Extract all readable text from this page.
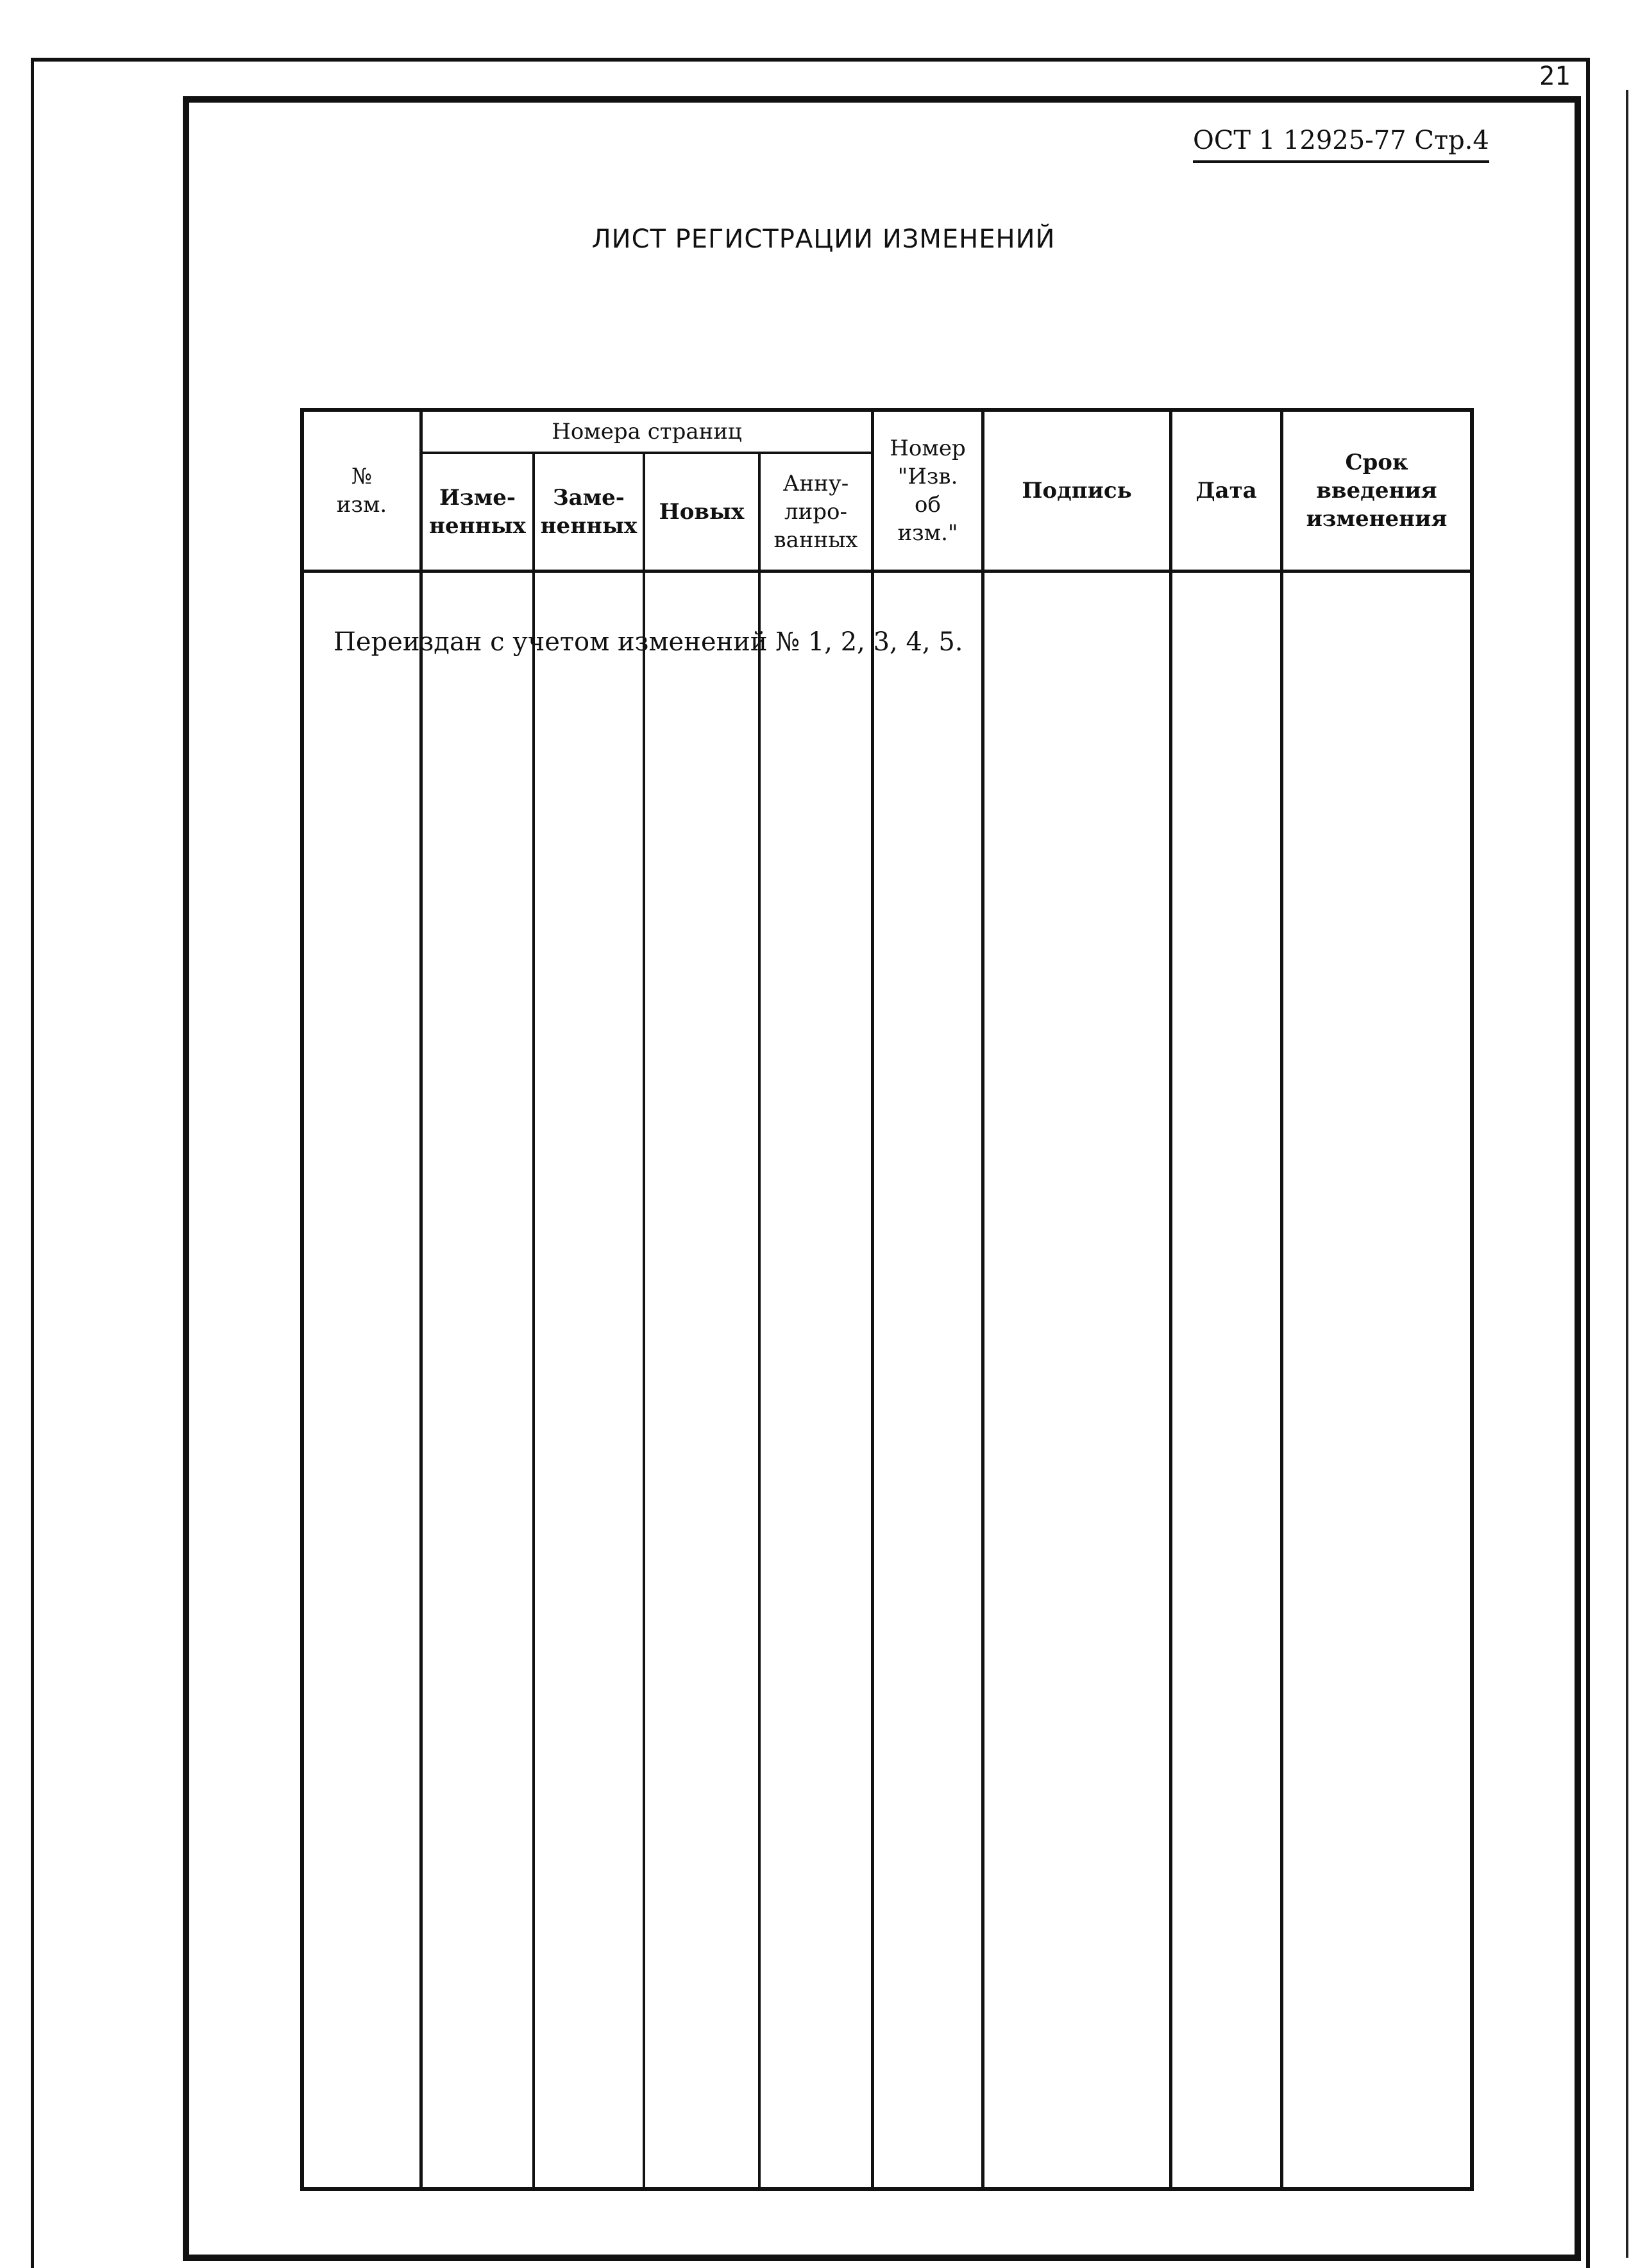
21
ОСТ 1 12925-77 Стр.4
ЛИСТ РЕГИСТРАЦИИ ИЗМЕНЕНИЙ
№
изм.
Номера страниц
Изме-
ненных
Заме-
ненных
Новых
Анну-
лиро-
ванных
Номер
"Изв.
об
изм."
Подпись	Дата
Срок
введения
изменения
Переиздан с учетом изменений № 1, 2, 3, 4, 5.
